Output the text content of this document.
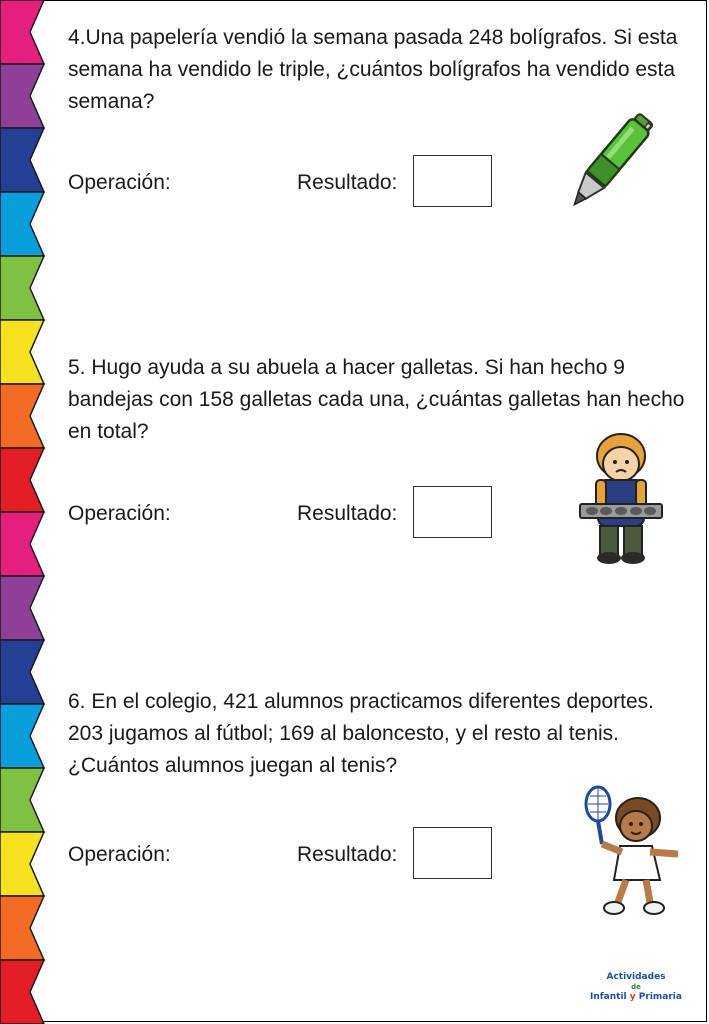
4.Una papelería vendió la semana pasada 248 bolígrafos. Si esta semana ha vendido le triple, ¿cuántos bolígrafos ha vendido esta semana?
Operación:	Resultado:
5. Hugo ayuda a su abuela a hacer galletas. Si han hecho 9 bandejas con 158 galletas cada una, ¿cuántas galletas han hecho en total?
Operación:	Resultado:
6. En el colegio, 421 alumnos practicamos diferentes deportes. 203 jugamos al fútbol; 169 al baloncesto, y el resto al tenis. ¿Cuántos alumnos juegan al tenis?
Operación:	Resultado:
Actividades
de
Infantil y Primaria
